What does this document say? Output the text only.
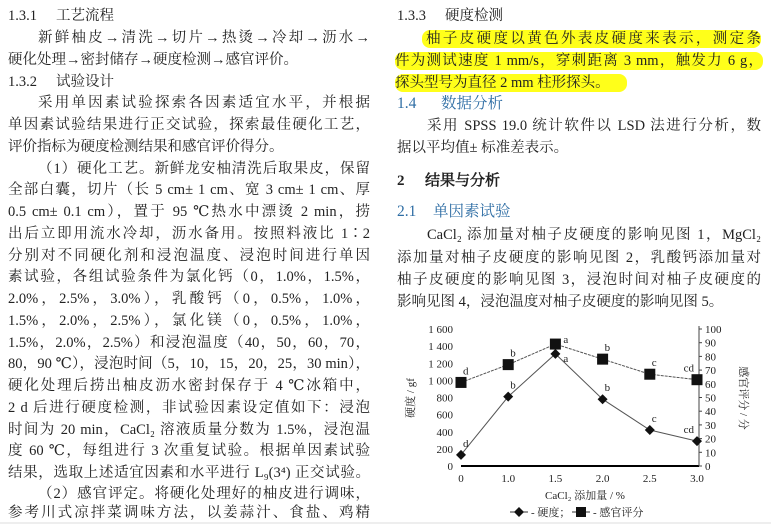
1.3.1 工艺流程
新鲜柚皮→清洗→切片→热烫→冷却→沥水→
硬化处理→密封储存→硬度检测→感官评价。
1.3.2 试验设计
采用单因素试验探索各因素适宜水平，并根据
单因素试验结果进行正交试验，探索最佳硬化工艺，
评价指标为硬度检测结果和感官评价得分。
（1）硬化工艺。新鲜龙安柚清洗后取果皮，保留
全部白囊，切片（长 5 cm± 1 cm、宽 3 cm± 1 cm、厚
0.5 cm± 0.1 cm），置于 95 ℃热水中漂烫 2 min，捞
出后立即用流水冷却，沥水备用。按照料液比 1∶2
分别对不同硬化剂和浸泡温度、浸泡时间进行单因
素试验，各组试验条件为氯化钙（0，1.0%，1.5%，
2.0%，2.5%，3.0%），乳酸钙（0，0.5%，1.0%，
1.5%，2.0%，2.5%），氯化镁（0，0.5%，1.0%，
1.5%，2.0%，2.5%）和浸泡温度（40，50，60，70，
80，90 ℃），浸泡时间（5，10，15，20，25，30 min），
硬化处理后捞出柚皮沥水密封保存于 4 ℃冰箱中，
2 d 后进行硬度检测，非试验因素设定值如下：浸泡
时间为 20 min，CaCl₂ 溶液质量分数为 1.5%，浸泡温
度 60 ℃，每组进行 3 次重复试验。根据单因素试验
结果，选取上述适宜因素和水平进行 L₉(3⁴) 正交试验。
（2）感官评定。将硬化处理好的柚皮进行调味，
参考川式凉拌菜调味方法，以姜蒜汁、食盐、鸡精
1.3.3 硬度检测
柚子皮硬度以黄色外表皮硬度来表示，测定条
件为测试速度 1 mm/s，穿刺距离 3 mm，触发力 6 g，
探头型号为直径 2 mm 柱形探头。
1.4 数据分析
采用 SPSS 19.0 统计软件以 LSD 法进行分析，数
据以平均值± 标准差表示。
2 结果与分析
2.1 单因素试验
CaCl₂ 添加量对柚子皮硬度的影响见图 1，MgCl₂
添加量对柚子皮硬度的影响见图 2，乳酸钙添加量对
柚子皮硬度的影响见图 3，浸泡时间对柚子皮硬度的
影响见图 4，浸泡温度对柚子皮硬度的影响见图 5。
0
200
400
600
800
1 000
1 200
1 400
1 600
0
10
20
30
40
50
60
70
80
90
100
0	1.0	1.5	2.0	2.5	3.0
d
b
a
b
c
cd
d
b
a
b
c cd
CaCl₂ 添加量 / %
硬度 / gf	感官评分 / 分
- 硬度； - 感官评分
